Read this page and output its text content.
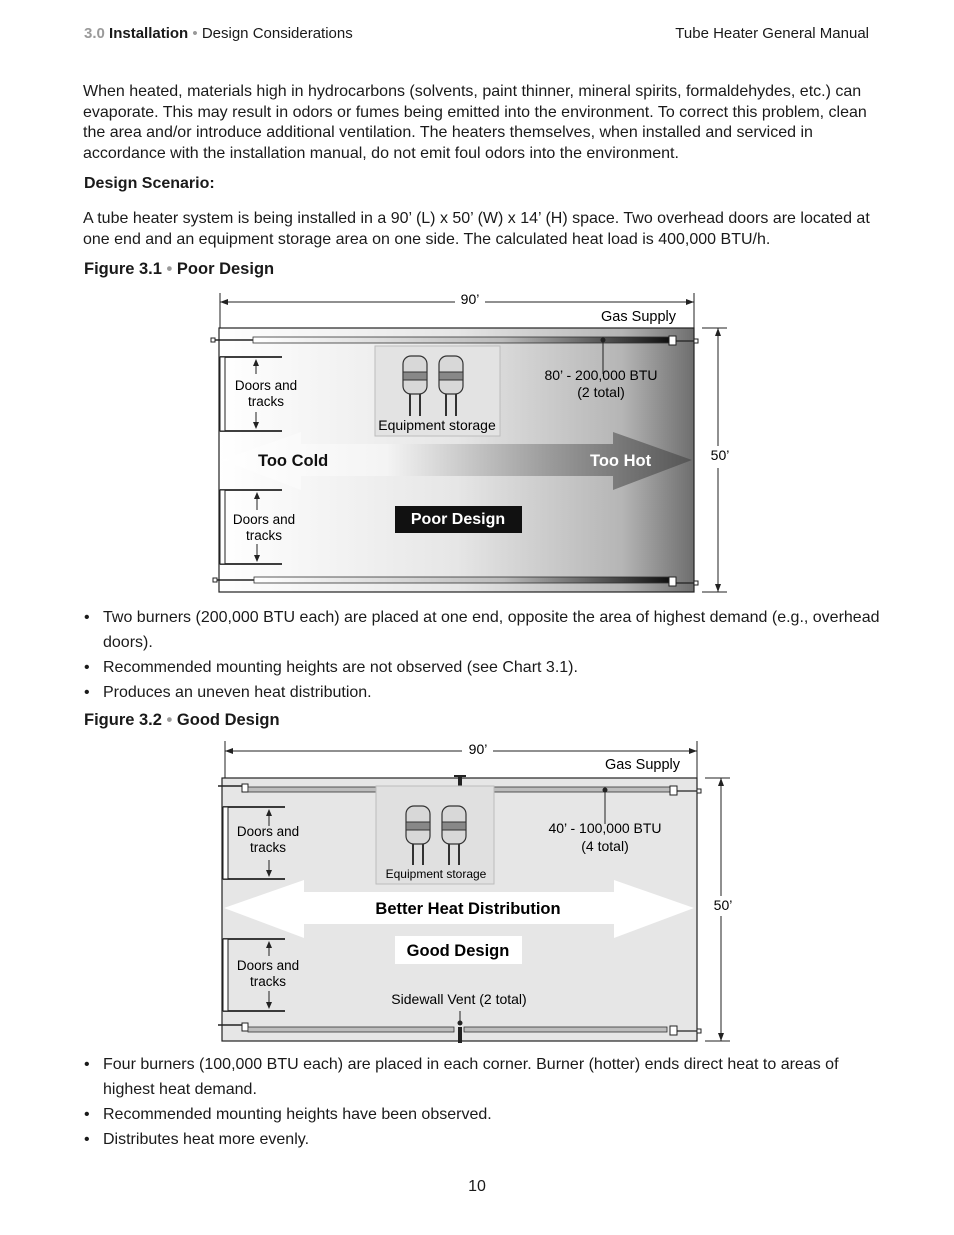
3.0 Installation • Design Considerations	Tube Heater General Manual

When heated, materials high in hydrocarbons (solvents, paint thinner, mineral spirits, formaldehydes, etc.) can evaporate. This may result in odors or fumes being emitted into the environment. To correct this problem, clean the area and/or introduce additional ventilation. The heaters themselves, when installed and serviced in accordance with the installation manual, do not emit foul odors into the environment.

Design Scenario:

A tube heater system is being installed in a 90’ (L) x 50’ (W) x 14’ (H) space. Two overhead doors are located at one end and an equipment storage area on one side. The calculated heat load is 400,000 BTU/h.

Figure 3.1 • Poor Design
90’
Gas Supply
50’
80’ - 200,000 BTU
(2 total)
Doors and
tracks
Doors and
tracks
Equipment storage
Too Cold	Too Hot
Poor Design
• Two burners (200,000 BTU each) are placed at one end, opposite the area of highest demand (e.g., overhead doors).
• Recommended mounting heights are not observed (see Chart 3.1).
• Produces an uneven heat distribution.
Figure 3.2 • Good Design
90’
Gas Supply
50’
40’ - 100,000 BTU
(4 total)
Sidewall Vent (2 total)
Doors and
tracks
Doors and
tracks
Equipment storage
Better Heat Distribution
Good Design
• Four burners (100,000 BTU each) are placed in each corner. Burner (hotter) ends direct heat to areas of highest heat demand.
• Recommended mounting heights have been observed.
• Distributes heat more evenly.
10
